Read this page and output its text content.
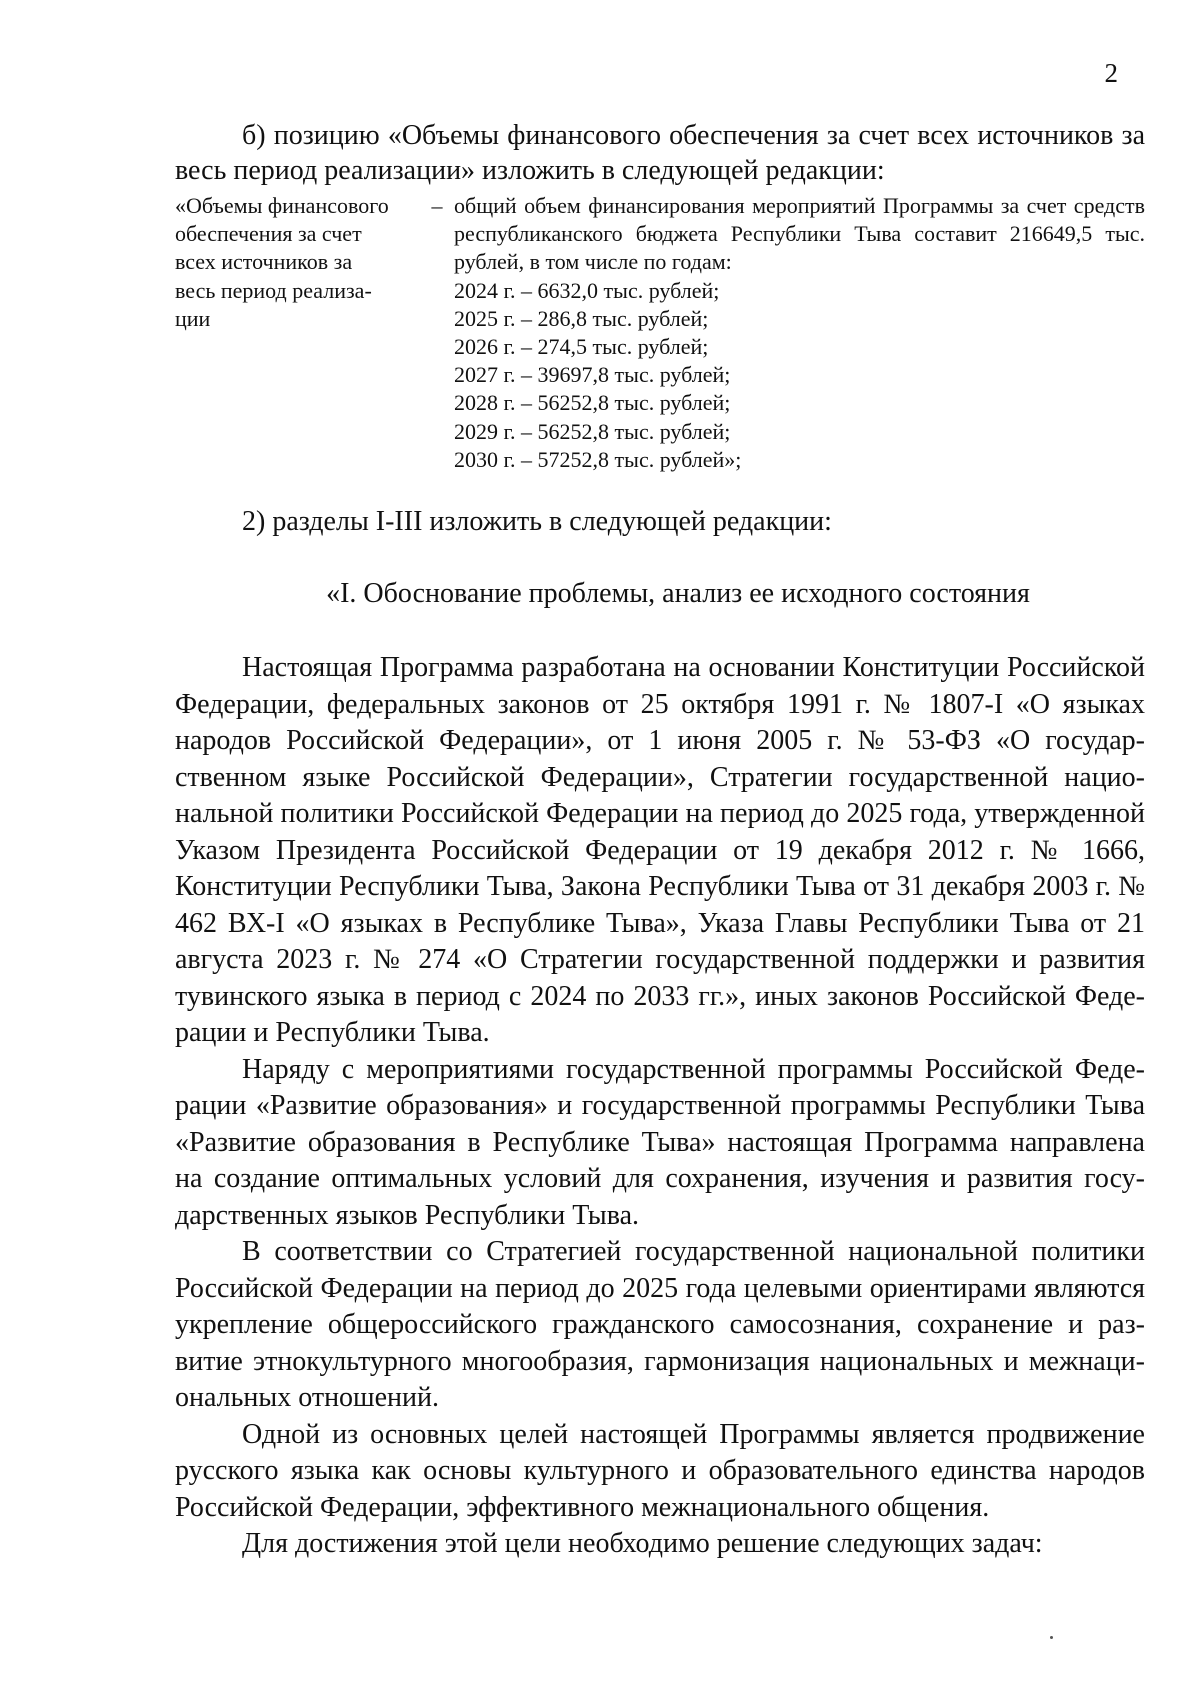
2

б) позицию «Объемы финансового обеспечения за счет всех источников за весь период реализации» изложить в следующей редакции:

«Объемы финансового
обеспечения за счет
всех источников за
весь период реализа-
ции
– общий объем финансирования мероприятий Программы за счет средств республиканского бюджета Республики Тыва составит 216649,5 тыс. рублей, в том числе по годам:

2024 г. – 6632,0 тыс. рублей;
2025 г. – 286,8 тыс. рублей;
2026 г. – 274,5 тыс. рублей;
2027 г. – 39697,8 тыс. рублей;
2028 г. – 56252,8 тыс. рублей;
2029 г. – 56252,8 тыс. рублей;
2030 г. – 57252,8 тыс. рублей»;

2) разделы I-III изложить в следующей редакции:

«I. Обоснование проблемы, анализ ее исходного состояния

Настоящая Программа разработана на основании Конституции Российской Федерации, федеральных законов от 25 октября 1991 г. № 1807-I «О языках народов Российской Федерации», от 1 июня 2005 г. № 53-ФЗ «О государственном языке Российской Федерации», Стратегии государственной национальной политики Российской Федерации на период до 2025 года, утвержденной Указом Президента Российской Федерации от 19 декабря 2012 г. № 1666, Конституции Республики Тыва, Закона Республики Тыва от 31 декабря 2003 г. № 462 ВХ-I «О языках в Республике Тыва», Указа Главы Республики Тыва от 21 августа 2023 г. № 274 «О Стратегии государственной поддержки и развития тувинского языка в период с 2024 по 2033 гг.», иных законов Российской Федерации и Республики Тыва.

Наряду с мероприятиями государственной программы Российской Федерации «Развитие образования» и государственной программы Республики Тыва «Развитие образования в Республике Тыва» настоящая Программа направлена на создание оптимальных условий для сохранения, изучения и развития государственных языков Республики Тыва.

В соответствии со Стратегией государственной национальной политики Российской Федерации на период до 2025 года целевыми ориентирами являются укрепление общероссийского гражданского самосознания, сохранение и развитие этнокультурного многообразия, гармонизация национальных и межнациональных отношений.

Одной из основных целей настоящей Программы является продвижение русского языка как основы культурного и образовательного единства народов Российской Федерации, эффективного межнационального общения.

Для достижения этой цели необходимо решение следующих задач:
